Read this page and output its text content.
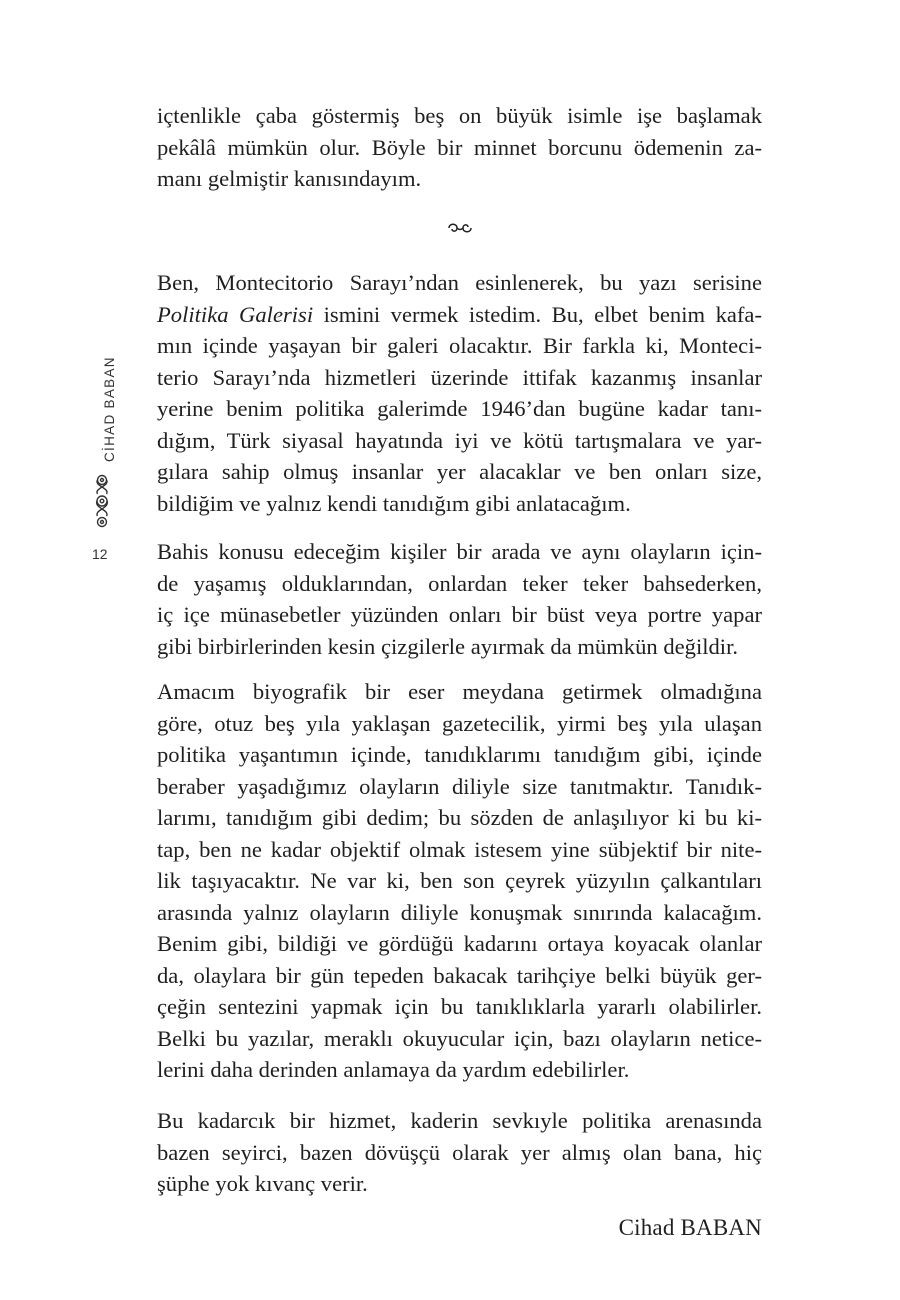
CİHAD BABAN
12
içtenlikle çaba göstermiş beş on büyük isimle işe başlamak
pekâlâ mümkün olur. Böyle bir minnet borcunu ödemenin za-
manı gelmiştir kanısındayım.
Ben, Montecitorio Sarayı’ndan esinlenerek, bu yazı serisine
Politika Galerisi ismini vermek istedim. Bu, elbet benim kafa-
mın içinde yaşayan bir galeri olacaktır. Bir farkla ki, Monteci-
terio Sarayı’nda hizmetleri üzerinde ittifak kazanmış insanlar
yerine benim politika galerimde 1946’dan bugüne kadar tanı-
dığım, Türk siyasal hayatında iyi ve kötü tartışmalara ve yar-
gılara sahip olmuş insanlar yer alacaklar ve ben onları size,
bildiğim ve yalnız kendi tanıdığım gibi anlatacağım.
Bahis konusu edeceğim kişiler bir arada ve aynı olayların için-
de yaşamış olduklarından, onlardan teker teker bahsederken,
iç içe münasebetler yüzünden onları bir büst veya portre yapar
gibi birbirlerinden kesin çizgilerle ayırmak da mümkün değildir.
Amacım biyografik bir eser meydana getirmek olmadığına
göre, otuz beş yıla yaklaşan gazetecilik, yirmi beş yıla ulaşan
politika yaşantımın içinde, tanıdıklarımı tanıdığım gibi, içinde
beraber yaşadığımız olayların diliyle size tanıtmaktır. Tanıdık-
larımı, tanıdığım gibi dedim; bu sözden de anlaşılıyor ki bu ki-
tap, ben ne kadar objektif olmak istesem yine sübjektif bir nite-
lik taşıyacaktır. Ne var ki, ben son çeyrek yüzyılın çalkantıları
arasında yalnız olayların diliyle konuşmak sınırında kalacağım.
Benim gibi, bildiği ve gördüğü kadarını ortaya koyacak olanlar
da, olaylara bir gün tepeden bakacak tarihçiye belki büyük ger-
çeğin sentezini yapmak için bu tanıklıklarla yararlı olabilirler.
Belki bu yazılar, meraklı okuyucular için, bazı olayların netice-
lerini daha derinden anlamaya da yardım edebilirler.
Bu kadarcık bir hizmet, kaderin sevkıyle politika arenasında
bazen seyirci, bazen dövüşçü olarak yer almış olan bana, hiç
şüphe yok kıvanç verir.
Cihad BABAN
